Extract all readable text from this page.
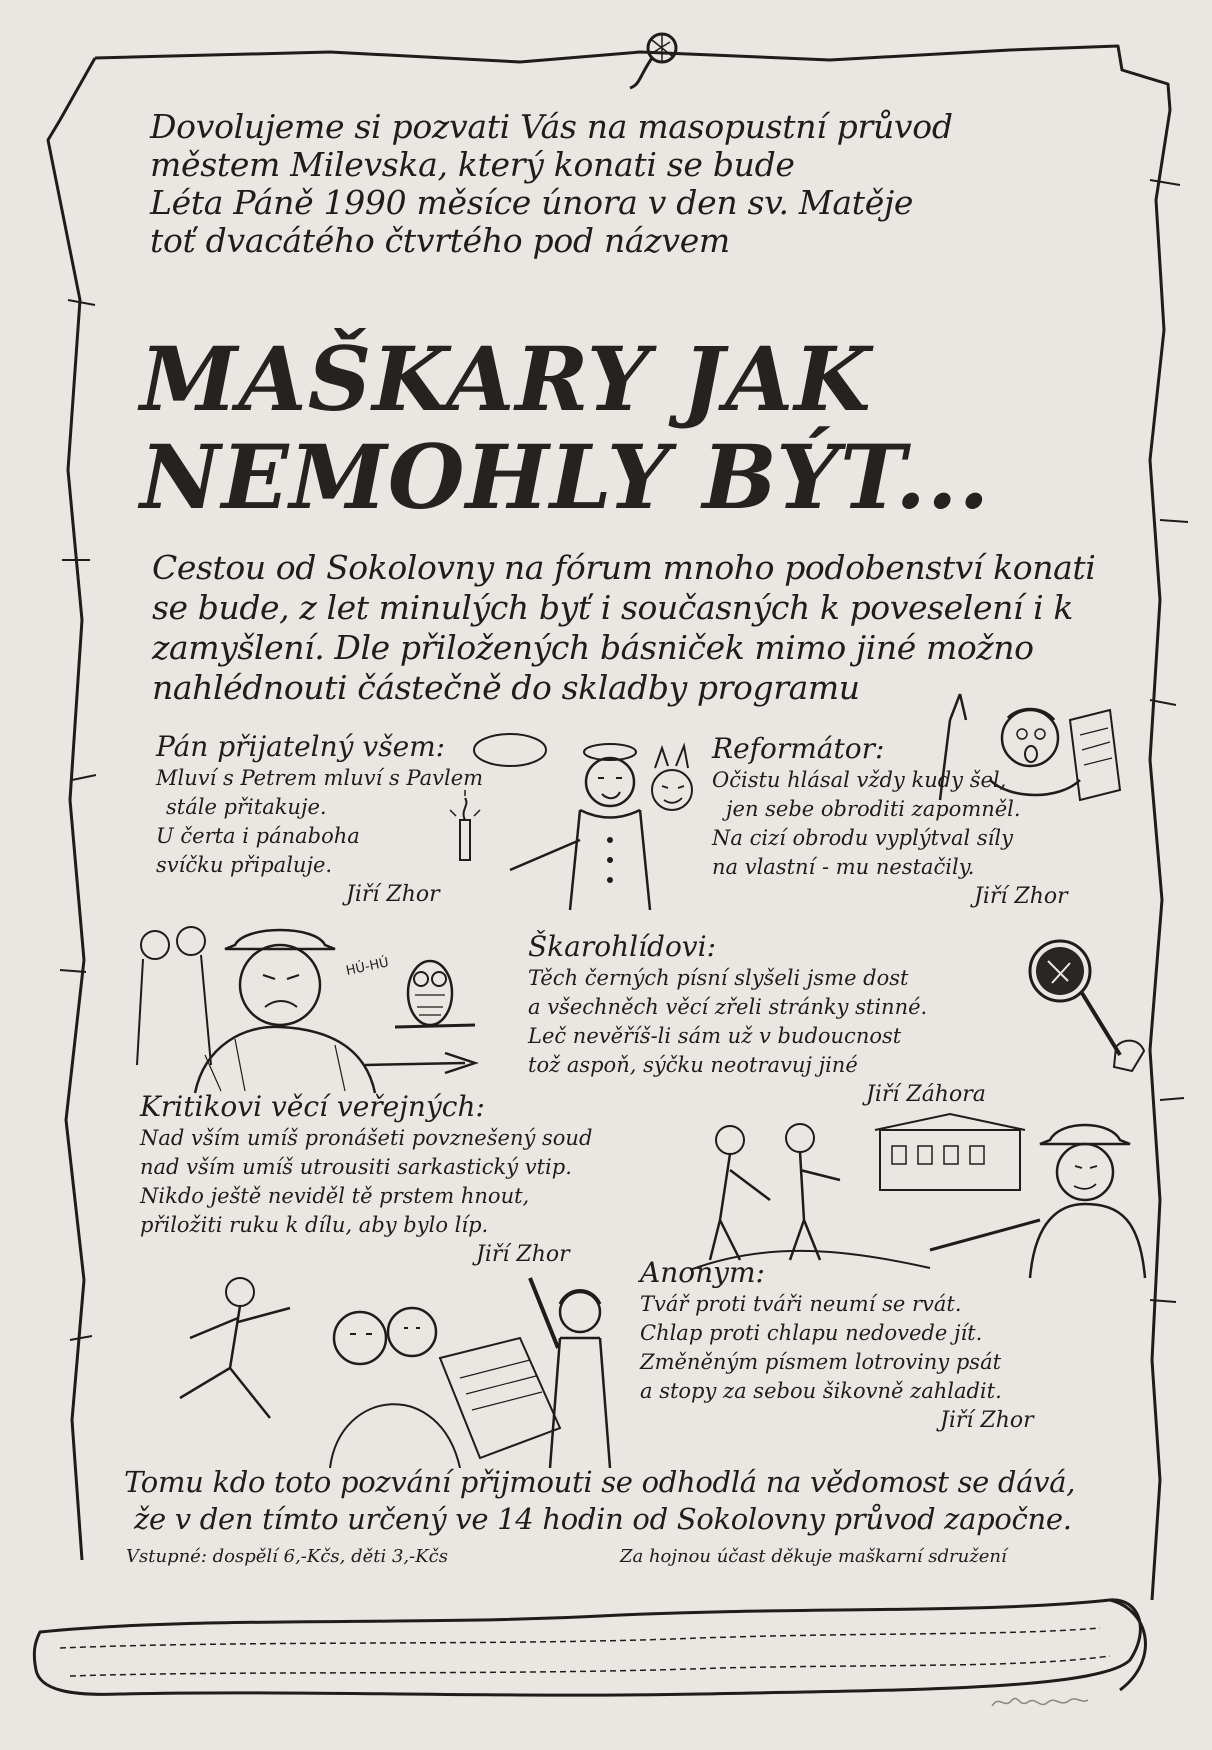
Dovolujeme si pozvati Vás na masopustní průvod
městem Milevska, který konati se bude
Léta Páně 1990 měsíce února v den sv. Matěje
toť dvacátého čtvrtého pod názvem
MAŠKARY JAK
NEMOHLY BÝT...
Cestou od Sokolovny na fórum mnoho podobenství konati
se bude, z let minulých byť i současných k poveselení i k
zamyšlení. Dle přiložených básniček mimo jiné možno
nahlédnouti částečně do skladby programu
Pán přijatelný všem:
Mluví s Petrem mluví s Pavlem
stále přitakuje.
U čerta i pánaboha
svíčku připaluje.
Jiří Zhor
Reformátor:
Očistu hlásal vždy kudy šel,
jen sebe obroditi zapomněl.
Na cizí obrodu vyplýtval síly
na vlastní - mu nestačily.
Jiří Zhor
Škarohlídovi:
Těch černých písní slyšeli jsme dost
a všechněch věcí zřeli stránky stinné.
Leč nevěříš-li sám už v budoucnost
tož aspoň, sýčku neotravuj jiné
Jiří Záhora
Kritikovi věcí veřejných:
Nad vším umíš pronášeti povznešený soud
nad vším umíš utrousiti sarkastický vtip.
Nikdo ještě neviděl tě prstem hnout,
přiložiti ruku k dílu, aby bylo líp.
Jiří Zhor
Anonym:
Tvář proti tváři neumí se rvát.
Chlap proti chlapu nedovede jít.
Změněným písmem lotroviny psát
a stopy za sebou šikovně zahladit.
Jiří Zhor
HÚ-HÚ
Tomu kdo toto pozvání přijmouti se odhodlá na vědomost se dává,
že v den tímto určený ve 14 hodin od Sokolovny průvod započne.
Vstupné: dospělí 6,-Kčs, děti 3,-Kčs	Za hojnou účast děkuje maškarní sdružení
